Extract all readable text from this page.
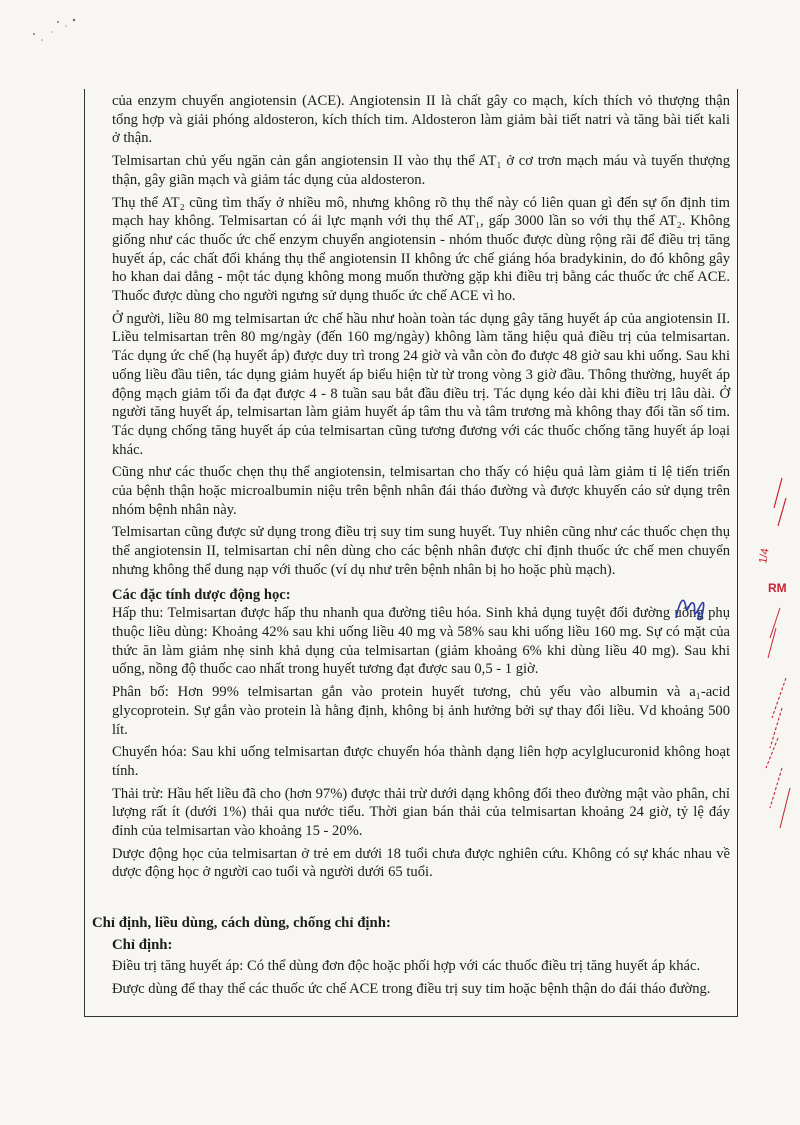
của enzym chuyển angiotensin (ACE). Angiotensin II là chất gây co mạch, kích thích vỏ thượng thận tổng hợp và giải phóng aldosteron, kích thích tim. Aldosteron làm giảm bài tiết natri và tăng bài tiết kali ở thận.

Telmisartan chủ yếu ngăn cản gắn angiotensin II vào thụ thể AT₁ ở cơ trơn mạch máu và tuyến thượng thận, gây giãn mạch và giảm tác dụng của aldosteron.

Thụ thể AT₂ cũng tìm thấy ở nhiều mô, nhưng không rõ thụ thể này có liên quan gì đến sự ổn định tim mạch hay không. Telmisartan có ái lực mạnh với thụ thể AT₁, gấp 3000 lần so với thụ thể AT₂. Không giống như các thuốc ức chế enzym chuyển angiotensin - nhóm thuốc được dùng rộng rãi để điều trị tăng huyết áp, các chất đối kháng thụ thể angiotensin II không ức chế giáng hóa bradykinin, do đó không gây ho khan dai dẳng - một tác dụng không mong muốn thường gặp khi điều trị bằng các thuốc ức chế ACE. Thuốc được dùng cho người ngưng sử dụng thuốc ức chế ACE vì ho.

Ở người, liều 80 mg telmisartan ức chế hầu như hoàn toàn tác dụng gây tăng huyết áp của angiotensin II. Liều telmisartan trên 80 mg/ngày (đến 160 mg/ngày) không làm tăng hiệu quả điều trị của telmisartan. Tác dụng ức chế (hạ huyết áp) được duy trì trong 24 giờ và vẫn còn đo được 48 giờ sau khi uống. Sau khi uống liều đầu tiên, tác dụng giảm huyết áp biểu hiện từ từ trong vòng 3 giờ đầu. Thông thường, huyết áp động mạch giảm tối đa đạt được 4 - 8 tuần sau bắt đầu điều trị. Tác dụng kéo dài khi điều trị lâu dài. Ở người tăng huyết áp, telmisartan làm giảm huyết áp tâm thu và tâm trương mà không thay đổi tần số tim. Tác dụng chống tăng huyết áp của telmisartan cũng tương đương với các thuốc chống tăng huyết áp loại khác.

Cũng như các thuốc chẹn thụ thể angiotensin, telmisartan cho thấy có hiệu quả làm giảm tỉ lệ tiến triển của bệnh thận hoặc microalbumin niệu trên bệnh nhân đái tháo đường và được khuyến cáo sử dụng trên nhóm bệnh nhân này.

Telmisartan cũng được sử dụng trong điều trị suy tim sung huyết. Tuy nhiên cũng như các thuốc chẹn thụ thể angiotensin II, telmisartan chỉ nên dùng cho các bệnh nhân được chỉ định thuốc ức chế men chuyển nhưng không thể dung nạp với thuốc (ví dụ như trên bệnh nhân bị ho hoặc phù mạch).

Các đặc tính dược động học:

Hấp thu: Telmisartan được hấp thu nhanh qua đường tiêu hóa. Sinh khả dụng tuyệt đối đường uống phụ thuộc liều dùng: Khoảng 42% sau khi uống liều 40 mg và 58% sau khi uống liều 160 mg. Sự có mặt của thức ăn làm giảm nhẹ sinh khả dụng của telmisartan (giảm khoảng 6% khi dùng liều 40 mg). Sau khi uống, nồng độ thuốc cao nhất trong huyết tương đạt được sau 0,5 - 1 giờ.

Phân bố: Hơn 99% telmisartan gắn vào protein huyết tương, chủ yếu vào albumin và a₁-acid glycoprotein. Sự gắn vào protein là hằng định, không bị ảnh hưởng bởi sự thay đổi liều. Vd khoảng 500 lít.

Chuyển hóa: Sau khi uống telmisartan được chuyển hóa thành dạng liên hợp acylglucuronid không hoạt tính.

Thải trừ: Hầu hết liều đã cho (hơn 97%) được thải trừ dưới dạng không đổi theo đường mật vào phân, chỉ lượng rất ít (dưới 1%) thải qua nước tiểu. Thời gian bán thải của telmisartan khoảng 24 giờ, tỷ lệ đáy đỉnh của telmisartan vào khoảng 15 - 20%.

Dược động học của telmisartan ở trẻ em dưới 18 tuổi chưa được nghiên cứu. Không có sự khác nhau về dược động học ở người cao tuổi và người dưới 65 tuổi.

Chỉ định, liều dùng, cách dùng, chống chỉ định:
Chỉ định:

Điều trị tăng huyết áp: Có thể dùng đơn độc hoặc phối hợp với các thuốc điều trị tăng huyết áp khác.

Được dùng để thay thế các thuốc ức chế ACE trong điều trị suy tim hoặc bệnh thận do đái tháo đường.

1/4
RM
